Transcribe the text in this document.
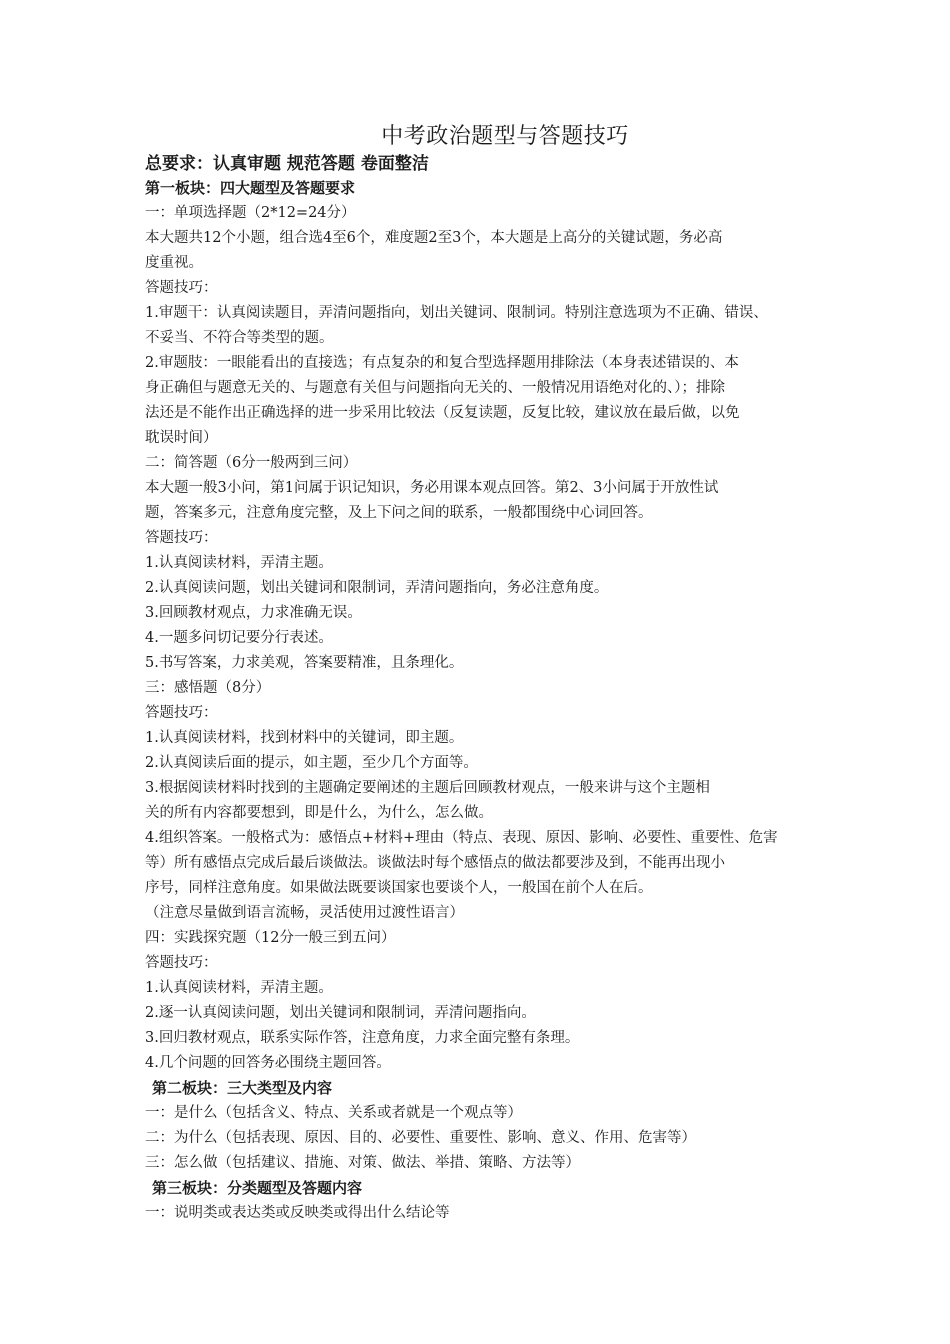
中考政治题型与答题技巧

总要求：认真审题 规范答题 卷面整洁

第一板块：四大题型及答题要求

一：单项选择题（2*12=24分）

本大题共12个小题，组合选4至6个，难度题2至3个，本大题是上高分的关键试题，务必高

度重视。

答题技巧：

1.审题干：认真阅读题目，弄清问题指向，划出关键词、限制词。特别注意选项为不正确、错误、

不妥当、不符合等类型的题。

2.审题肢：一眼能看出的直接选；有点复杂的和复合型选择题用排除法（本身表述错误的、本

身正确但与题意无关的、与题意有关但与问题指向无关的、一般情况用语绝对化的、）；排除

法还是不能作出正确选择的进一步采用比较法（反复读题，反复比较，建议放在最后做，以免

耽误时间）

二：简答题（6分一般两到三问）

本大题一般3小问，第1问属于识记知识，务必用课本观点回答。第2、3小问属于开放性试

题，答案多元，注意角度完整，及上下问之间的联系，一般都围绕中心词回答。

答题技巧：

1.认真阅读材料，弄清主题。

2.认真阅读问题，划出关键词和限制词，弄清问题指向，务必注意角度。

3.回顾教材观点，力求准确无误。

4.一题多问切记要分行表述。

5.书写答案，力求美观，答案要精准，且条理化。

三：感悟题（8分）

答题技巧：

1.认真阅读材料，找到材料中的关键词，即主题。

2.认真阅读后面的提示，如主题，至少几个方面等。

3.根据阅读材料时找到的主题确定要阐述的主题后回顾教材观点，一般来讲与这个主题相

关的所有内容都要想到，即是什么，为什么，怎么做。

4.组织答案。一般格式为：感悟点+材料+理由（特点、表现、原因、影响、必要性、重要性、危害

等）所有感悟点完成后最后谈做法。谈做法时每个感悟点的做法都要涉及到，不能再出现小

序号，同样注意角度。如果做法既要谈国家也要谈个人，一般国在前个人在后。

（注意尽量做到语言流畅，灵活使用过渡性语言）

四：实践探究题（12分一般三到五问）

答题技巧：

1.认真阅读材料，弄清主题。

2.逐一认真阅读问题，划出关键词和限制词，弄清问题指向。

3.回归教材观点，联系实际作答，注意角度，力求全面完整有条理。

4.几个问题的回答务必围绕主题回答。

第二板块：三大类型及内容

一：是什么（包括含义、特点、关系或者就是一个观点等）

二：为什么（包括表现、原因、目的、必要性、重要性、影响、意义、作用、危害等）

三：怎么做（包括建议、措施、对策、做法、举措、策略、方法等）

第三板块：分类题型及答题内容

一：说明类或表达类或反映类或得出什么结论等
